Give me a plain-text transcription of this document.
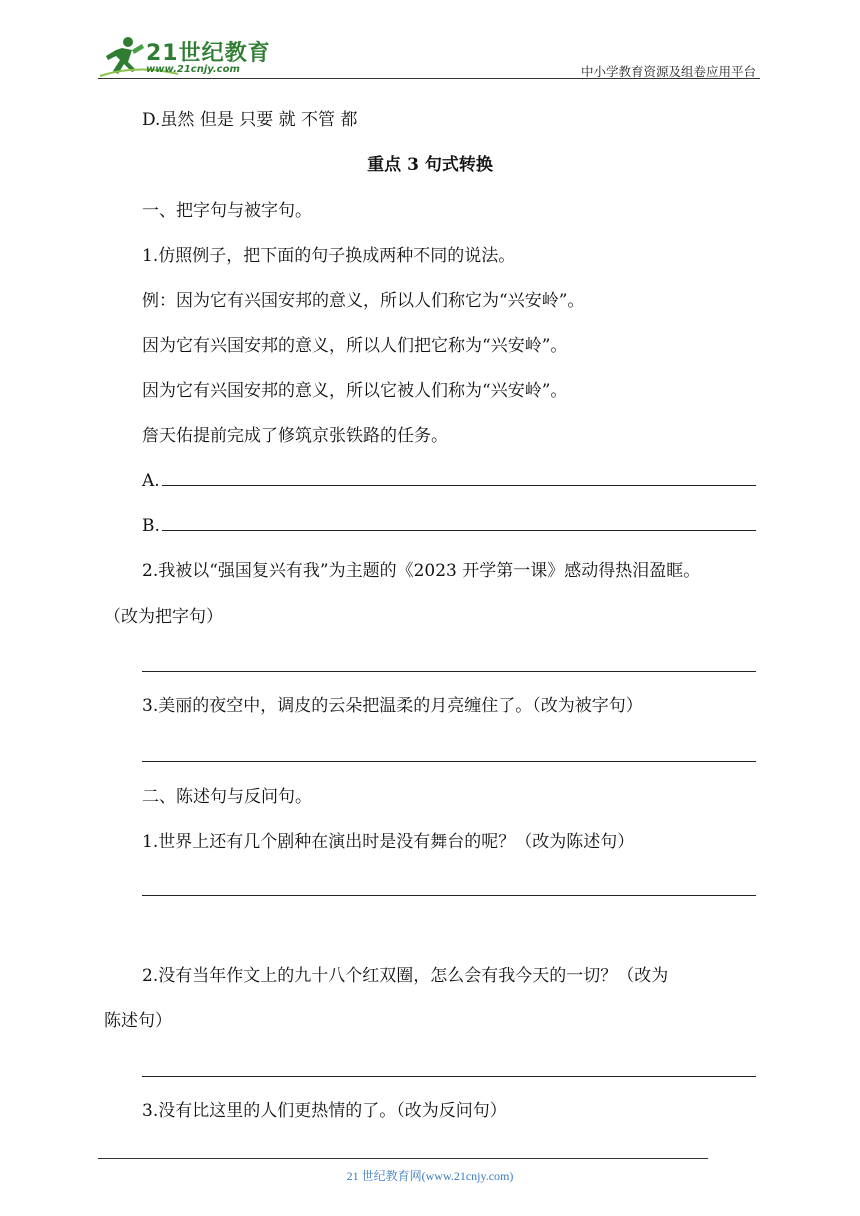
21世纪教育
www.21cnjy.com	中小学教育资源及组卷应用平台
D.虽然 但是 只要 就 不管 都
重点 3 句式转换
一、把字句与被字句。
1.仿照例子，把下面的句子换成两种不同的说法。
例：因为它有兴国安邦的意义，所以人们称它为“兴安岭”。
因为它有兴国安邦的意义，所以人们把它称为“兴安岭”。
因为它有兴国安邦的意义，所以它被人们称为“兴安岭”。
詹天佑提前完成了修筑京张铁路的任务。
A.
B.
2.我被以“强国复兴有我”为主题的《2023 开学第一课》感动得热泪盈眶。
（改为把字句）
3.美丽的夜空中，调皮的云朵把温柔的月亮缠住了。（改为被字句）
二、陈述句与反问句。
1.世界上还有几个剧种在演出时是没有舞台的呢？（改为陈述句）
2.没有当年作文上的九十八个红双圈，怎么会有我今天的一切？（改为
陈述句）
3.没有比这里的人们更热情的了。（改为反问句）
21 世纪教育网(www.21cnjy.com)
